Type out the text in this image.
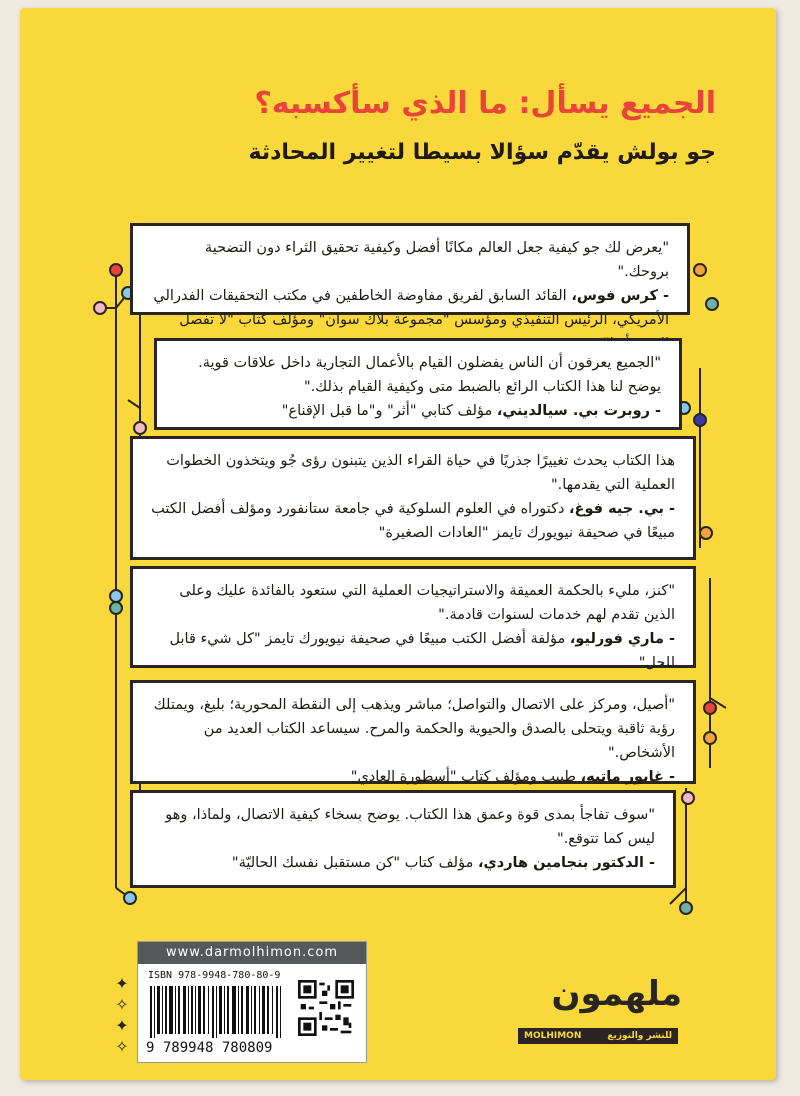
الجميع يسأل: ما الذي سأكسبه؟
جو بولش يقدّم سؤالا بسيطا لتغيير المحادثة

"يعرض لك جو كيفية جعل العالم مكانًا أفضل وكيفية تحقيق الثراء دون التضحية بروحك."

- كرس فوس، القائد السابق لفريق مفاوضة الخاطفين في مكتب التحقيقات الفدرالي الأمريكي، الرئيس التنفيذي ومؤسس "مجموعة بلاك سوان" ومؤلف كتاب "لا تفصل

"الجميع يعرفون أن الناس يفضلون القيام بالأعمال التجارية داخل علاقات قوية. يوضح لنا هذا الكتاب الرائع بالضبط متى وكيفية القيام بذلك."

- روبرت بي. سيالديني، مؤلف كتابي "أثر" و"ما قبل الإقناع"

هذا الكتاب يحدث تغييرًا جذريًا في حياة القراء الذين يتبنون رؤى جُو ويتخذون الخطوات العملية التي يقدمها."

- بي. جيه فوغ، دكتوراه في العلوم السلوكية في جامعة ستانفورد ومؤلف أفضل الكتب مبيعًا في صحيفة نيويورك تايمز "العادات الصغيرة"

"كنز، مليء بالحكمة العميقة والاستراتيجيات العملية التي ستعود بالفائدة عليك وعلى الذين تقدم لهم خدمات لسنوات قادمة."

- ماري فورليو، مؤلفة أفضل الكتب مبيعًا في صحيفة نيويورك تايمز "كل شيء قابل للحل"

"أصيل، ومركز على الاتصال والتواصل؛ مباشر ويذهب إلى النقطة المحورية؛ بليغ، ويمتلك رؤية ثاقبة ويتحلى بالصدق والحيوية والحكمة والمرح. سيساعد الكتاب العديد من الأشخاص."

- غابور ماتيه، طبيب ومؤلف كتاب "أسطورة العادي"

"سوف تفاجأ بمدى قوة وعمق هذا الكتاب. يوضح بسخاء كيفية الاتصال، ولماذا، وهو ليس كما تتوقع."

- الدكتور بنجامين هاردي، مؤلف كتاب "كن مستقبل نفسك الحاليّة"

✦
✧
✦
✧
www.darmolhimon.com
ISBN 978-9948-780-80-9
9 789948 780809
ملهمون
MOLHIMON	للنشر والتوزيع
